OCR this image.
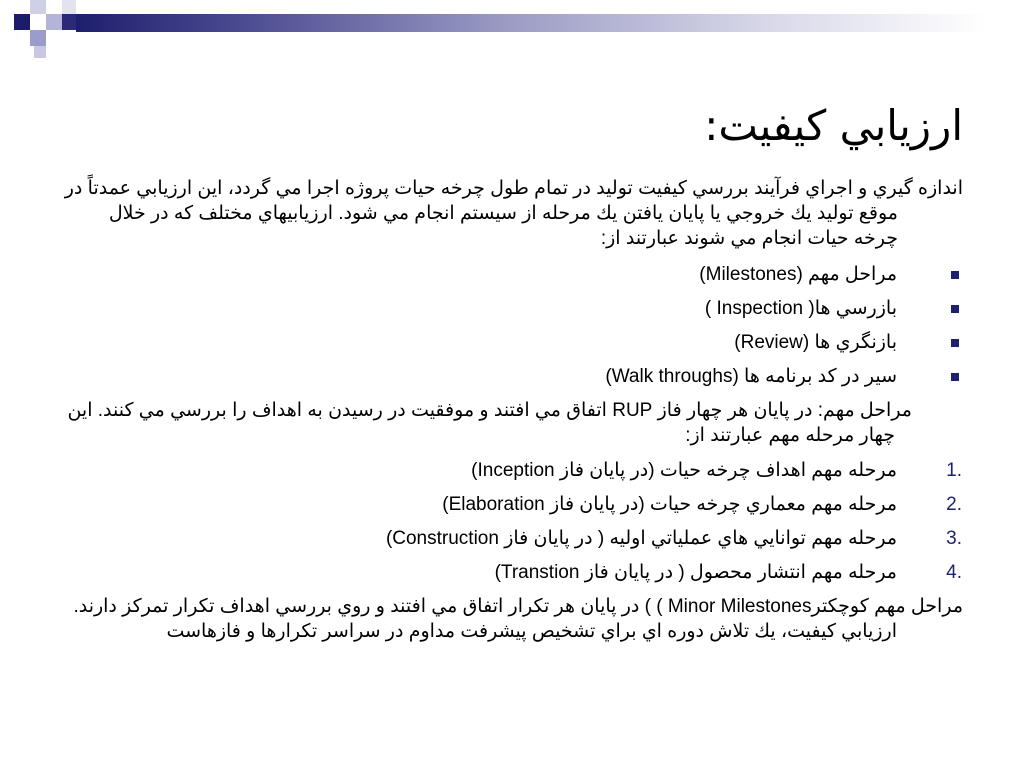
ارزيابي كيفيت:

اندازه گيري و اجراي فرآيند بررسي كيفيت توليد در تمام طول چرخه حيات پروژه اجرا مي گردد، اين ارزيابي عمدتاً در موقع توليد يك خروجي يا پايان يافتن يك مرحله از سيستم انجام مي شود. ارزيابيهاي مختلف كه در خلال چرخه حيات انجام مي شوند عبارتند از:

مراحل مهم (Milestones)
بازرسي ها( Inspection )
بازنگري ها (Review)
سير در كد برنامه ها (Walk throughs)

مراحل مهم: در پايان هر چهار فاز RUP اتفاق مي افتند و موفقيت در رسيدن به اهداف را بررسي مي كنند. اين چهار مرحله مهم عبارتند از:

1.
مرحله مهم اهداف چرخه حيات (در پايان فاز Inception)
2.
مرحله مهم معماري چرخه حيات (در پايان فاز Elaboration)
3.
مرحله مهم توانايي هاي عملياتي اوليه ( در پايان فاز Construction)
4.
مرحله مهم انتشار محصول ( در پايان فاز Transtion)

مراحل مهم كوچكترMinor Milestones ) ) در پايان هر تكرار اتفاق مي افتند و روي بررسي اهداف تكرار تمركز دارند. ارزيابي كيفيت، يك تلاش دوره اي براي تشخيص پيشرفت مداوم در سراسر تكرارها و فازهاست
